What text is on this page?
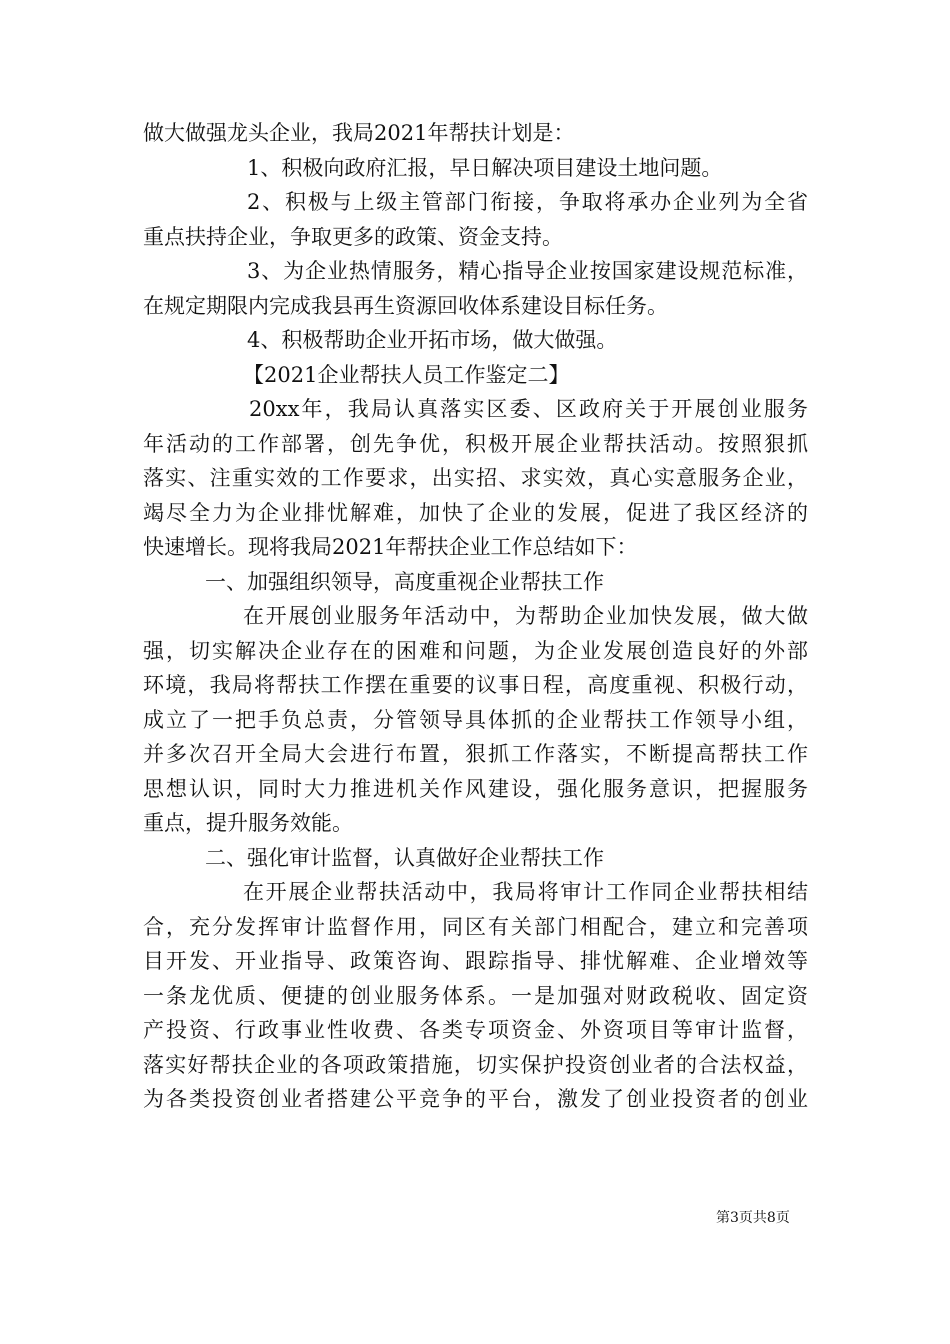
做大做强龙头企业，我局2021年帮扶计划是：
1、积极向政府汇报，早日解决项目建设土地问题。
2、积极与上级主管部门衔接，争取将承办企业列为全省
重点扶持企业，争取更多的政策、资金支持。
3、为企业热情服务，精心指导企业按国家建设规范标准，
在规定期限内完成我县再生资源回收体系建设目标任务。
4、积极帮助企业开拓市场，做大做强。
【2021企业帮扶人员工作鉴定二】
20xx年，我局认真落实区委、区政府关于开展创业服务
年活动的工作部署，创先争优，积极开展企业帮扶活动。按照狠抓
落实、注重实效的工作要求，出实招、求实效，真心实意服务企业，
竭尽全力为企业排忧解难，加快了企业的发展，促进了我区经济的
快速增长。现将我局2021年帮扶企业工作总结如下：
一、加强组织领导，高度重视企业帮扶工作
在开展创业服务年活动中，为帮助企业加快发展，做大做
强，切实解决企业存在的困难和问题，为企业发展创造良好的外部
环境，我局将帮扶工作摆在重要的议事日程，高度重视、积极行动，
成立了一把手负总责，分管领导具体抓的企业帮扶工作领导小组，
并多次召开全局大会进行布置，狠抓工作落实，不断提高帮扶工作
思想认识，同时大力推进机关作风建设，强化服务意识，把握服务
重点，提升服务效能。
二、强化审计监督，认真做好企业帮扶工作
在开展企业帮扶活动中，我局将审计工作同企业帮扶相结
合，充分发挥审计监督作用，同区有关部门相配合，建立和完善项
目开发、开业指导、政策咨询、跟踪指导、排忧解难、企业增效等
一条龙优质、便捷的创业服务体系。一是加强对财政税收、固定资
产投资、行政事业性收费、各类专项资金、外资项目等审计监督，
落实好帮扶企业的各项政策措施，切实保护投资创业者的合法权益，
为各类投资创业者搭建公平竞争的平台，激发了创业投资者的创业
第3页共8页
